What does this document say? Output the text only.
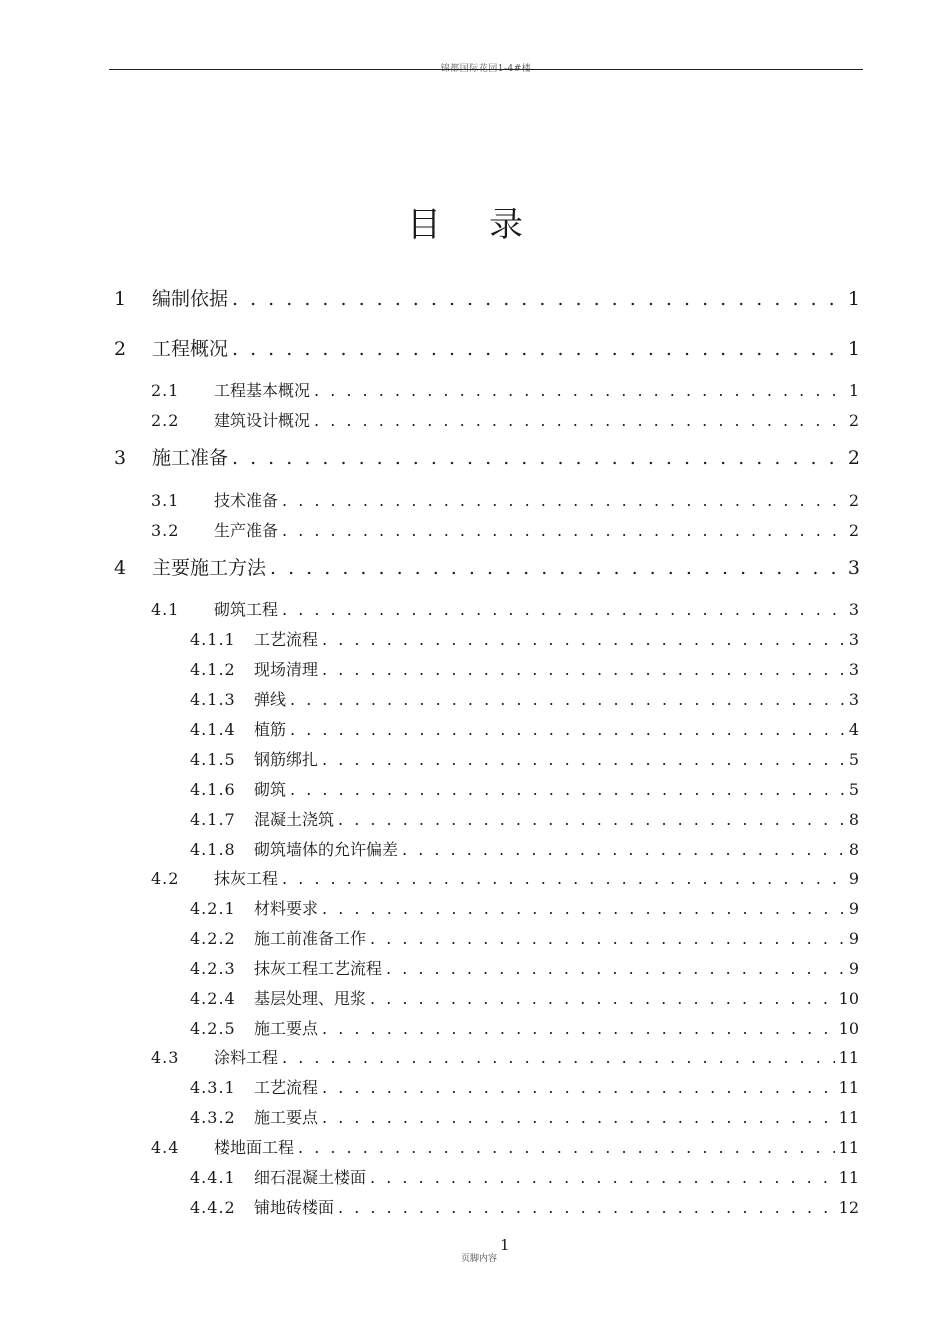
锦都国际花园1-4#楼
目录
1	编制依据 . . .	1
2	工程概况 . . .	1
2.1	工程基本概况 . . .	1
2.2	建筑设计概况 . . .	2
3	施工准备 . . .	2
3.1	技术准备 . . .	2
3.2	生产准备 . . .	2
4	主要施工方法 . . .	3
4.1	砌筑工程 . . .	3
4.1.1	工艺流程 . . .	3
4.1.2	现场清理 . . .	3
4.1.3	弹线 . . .	3
4.1.4	植筋 . . .	4
4.1.5	钢筋绑扎 . . .	5
4.1.6	砌筑 . . .	5
4.1.7	混凝土浇筑 . . .	8
4.1.8	砌筑墙体的允许偏差 . . .	8
4.2	抹灰工程 . . .	9
4.2.1	材料要求 . . .	9
4.2.2	施工前准备工作 . . .	9
4.2.3	抹灰工程工艺流程 . . .	9
4.2.4	基层处理、甩浆 . . .	10
4.2.5	施工要点 . . .	10
4.3	涂料工程 . . .	11
4.3.1	工艺流程 . . .	11
4.3.2	施工要点 . . .	11
4.4	楼地面工程 . . .	11
4.4.1	细石混凝土楼面 . . .	11
4.4.2	铺地砖楼面 . . .	12
页脚内容
1
